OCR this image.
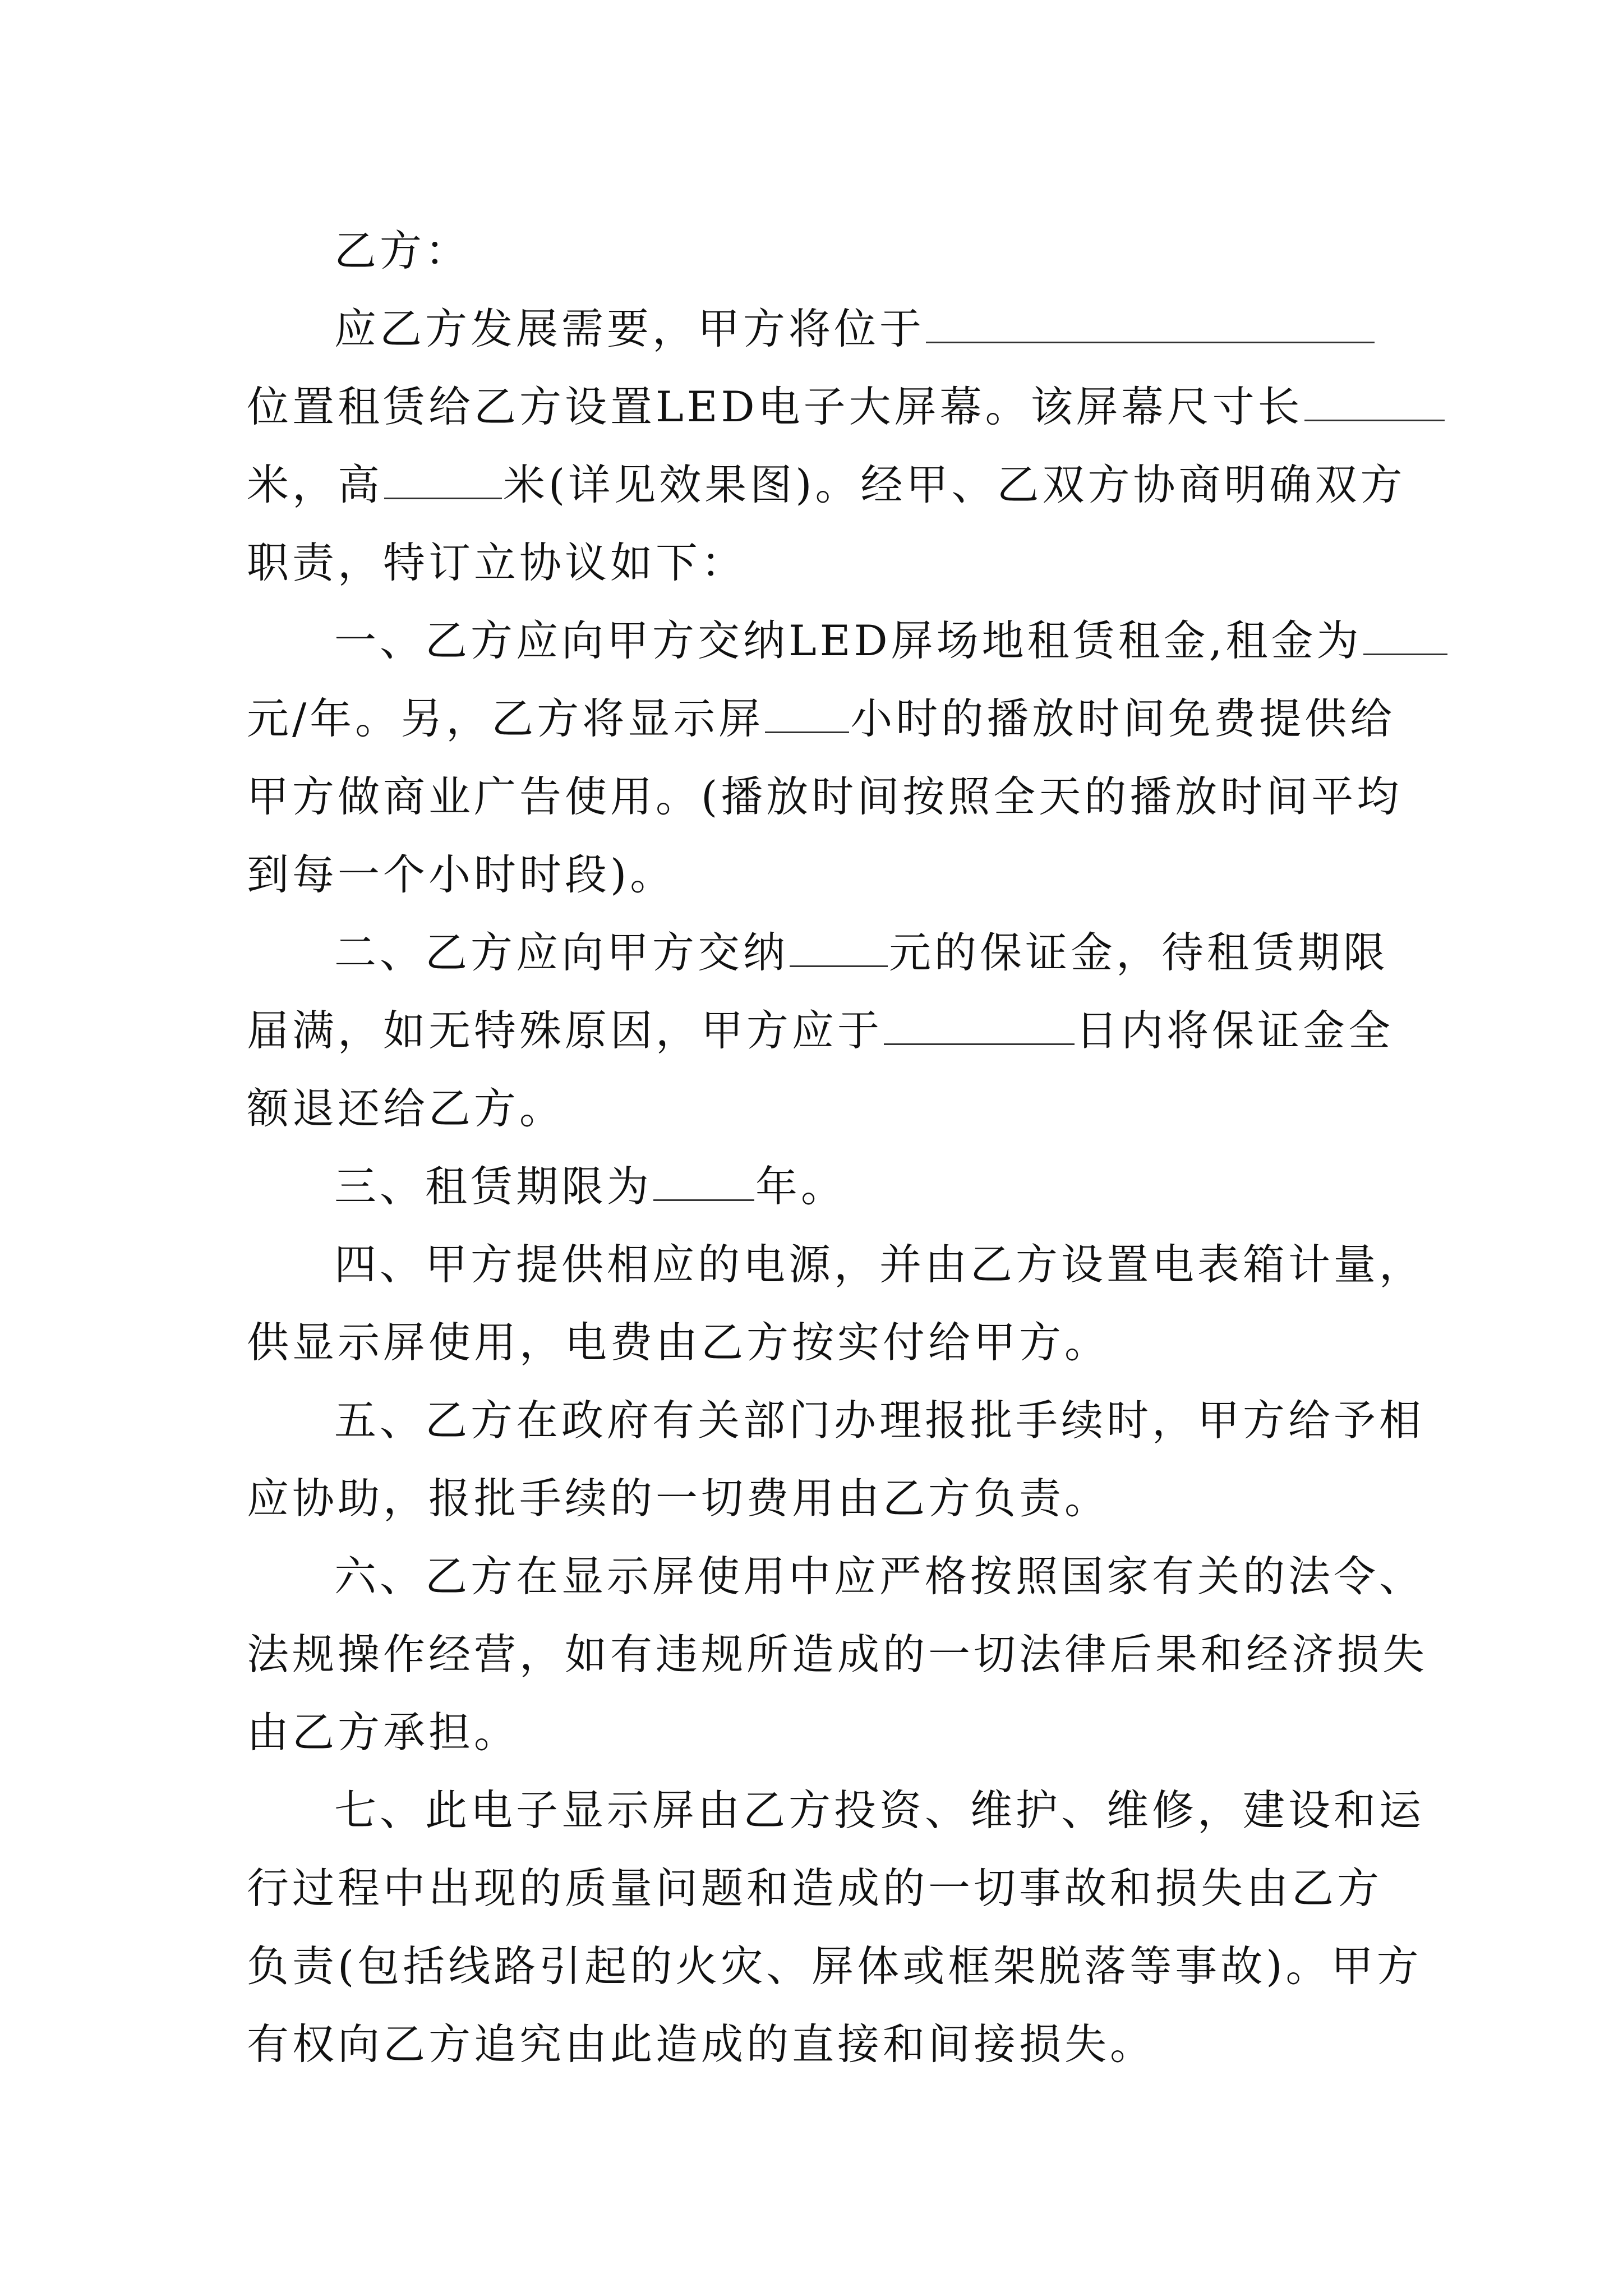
乙方：
应乙方发展需要，甲方将位于
位置租赁给乙方设置LED电子大屏幕。该屏幕尺寸长
米，高	米(详见效果图)。经甲、乙双方协商明确双方
职责，特订立协议如下：
一、乙方应向甲方交纳LED屏场地租赁租金,租金为
元/年。另，乙方将显示屏 小时的播放时间免费提供给
甲方做商业广告使用。(播放时间按照全天的播放时间平均
到每一个小时时段)。
二、乙方应向甲方交纳 元的保证金，待租赁期限
届满，如无特殊原因，甲方应于	日内将保证金全
额退还给乙方。
三、租赁期限为 年。
四、甲方提供相应的电源，并由乙方设置电表箱计量，
供显示屏使用，电费由乙方按实付给甲方。
五、乙方在政府有关部门办理报批手续时，甲方给予相
应协助，报批手续的一切费用由乙方负责。
六、乙方在显示屏使用中应严格按照国家有关的法令、
法规操作经营，如有违规所造成的一切法律后果和经济损失
由乙方承担。
七、此电子显示屏由乙方投资、维护、维修，建设和运
行过程中出现的质量问题和造成的一切事故和损失由乙方
负责(包括线路引起的火灾、屏体或框架脱落等事故)。甲方
有权向乙方追究由此造成的直接和间接损失。
